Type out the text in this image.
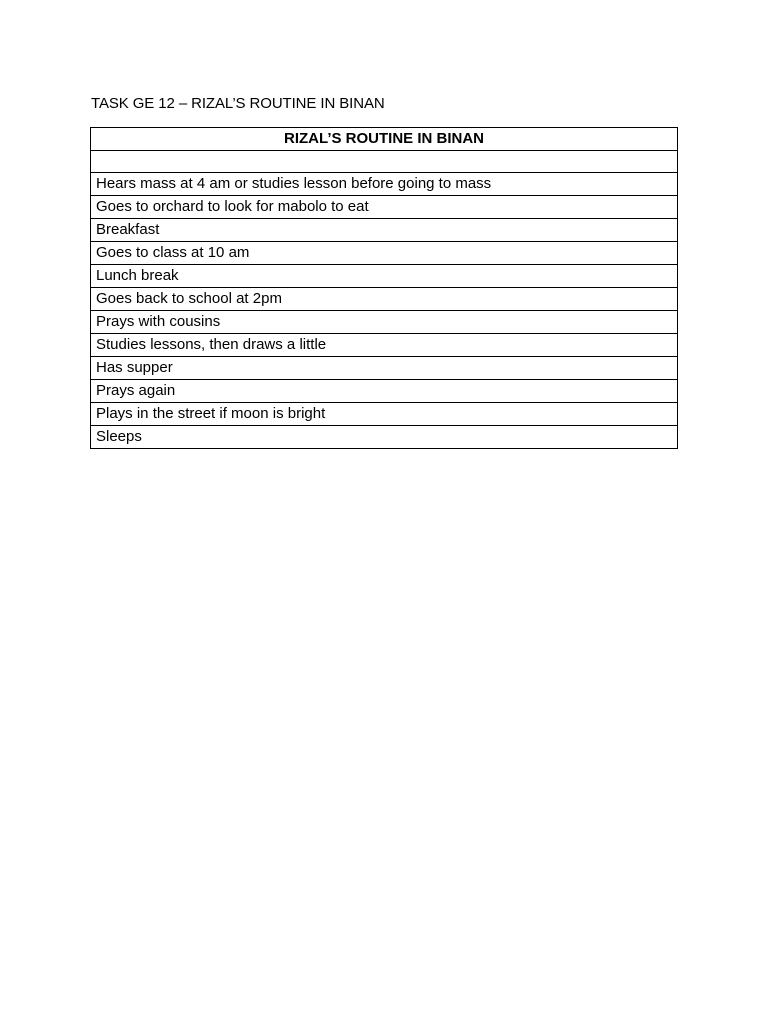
TASK GE 12 – RIZAL’S ROUTINE IN BINAN
RIZAL’S ROUTINE IN BINAN

Hears mass at 4 am or studies lesson before going to mass
Goes to orchard to look for mabolo to eat
Breakfast
Goes to class at 10 am
Lunch break
Goes back to school at 2pm
Prays with cousins
Studies lessons, then draws a little
Has supper
Prays again
Plays in the street if moon is bright
Sleeps
